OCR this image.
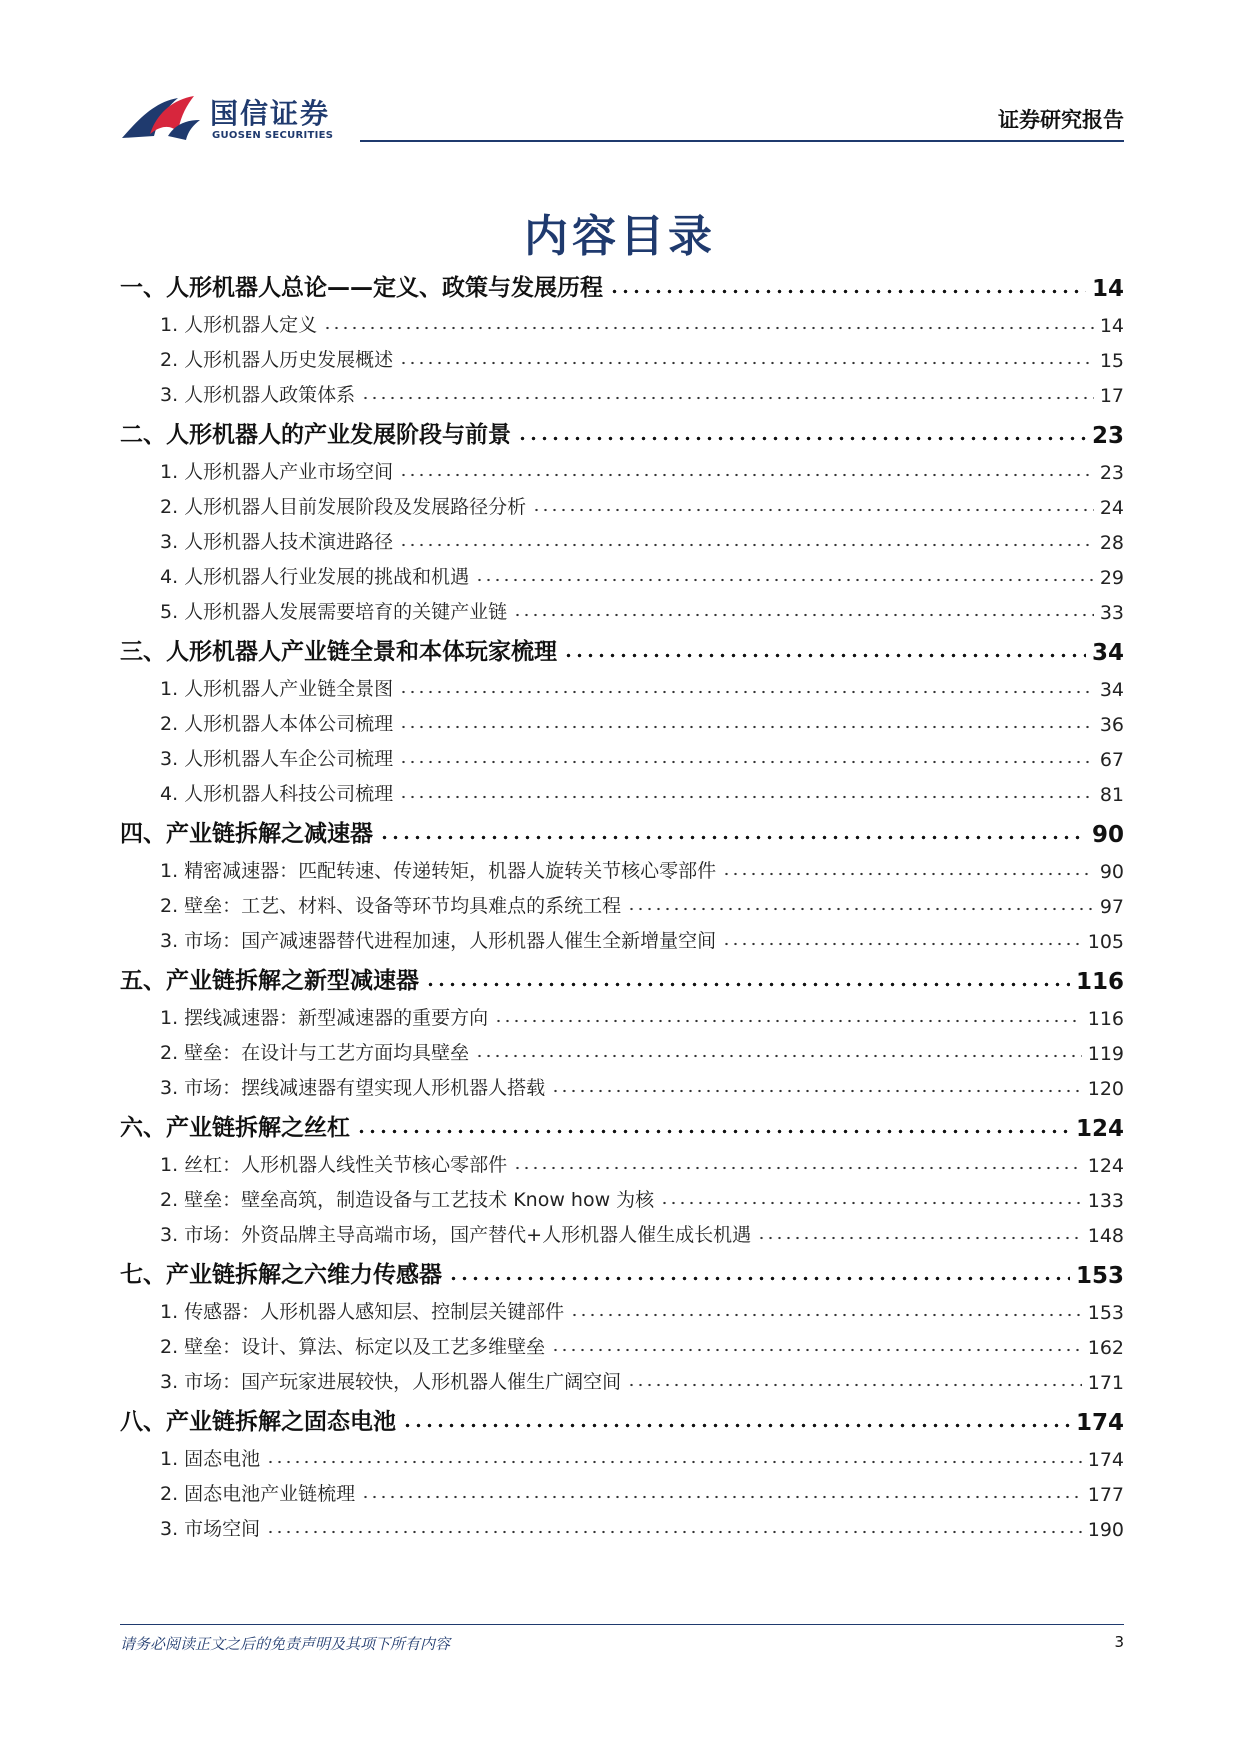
国信证券
GUOSEN SECURITIES
证券研究报告
内容目录
一、人形机器人总论——定义、政策与发展历程	14
1. 人形机器人定义	14
2. 人形机器人历史发展概述	15
3. 人形机器人政策体系	17
二、人形机器人的产业发展阶段与前景	23
1. 人形机器人产业市场空间	23
2. 人形机器人目前发展阶段及发展路径分析	24
3. 人形机器人技术演进路径	28
4. 人形机器人行业发展的挑战和机遇	29
5. 人形机器人发展需要培育的关键产业链	33
三、人形机器人产业链全景和本体玩家梳理	34
1. 人形机器人产业链全景图	34
2. 人形机器人本体公司梳理	36
3. 人形机器人车企公司梳理	67
4. 人形机器人科技公司梳理	81
四、产业链拆解之减速器	90
1. 精密减速器：匹配转速、传递转矩，机器人旋转关节核心零部件	90
2. 壁垒：工艺、材料、设备等环节均具难点的系统工程	97
3. 市场：国产减速器替代进程加速，人形机器人催生全新增量空间	105
五、产业链拆解之新型减速器	116
1. 摆线减速器：新型减速器的重要方向	116
2. 壁垒：在设计与工艺方面均具壁垒	119
3. 市场：摆线减速器有望实现人形机器人搭载	120
六、产业链拆解之丝杠	124
1. 丝杠：人形机器人线性关节核心零部件	124
2. 壁垒：壁垒高筑，制造设备与工艺技术 Know how 为核	133
3. 市场：外资品牌主导高端市场，国产替代+人形机器人催生成长机遇	148
七、产业链拆解之六维力传感器	153
1. 传感器：人形机器人感知层、控制层关键部件	153
2. 壁垒：设计、算法、标定以及工艺多维壁垒	162
3. 市场：国产玩家进展较快，人形机器人催生广阔空间	171
八、产业链拆解之固态电池	174
1. 固态电池	174
2. 固态电池产业链梳理	177
3. 市场空间	190
请务必阅读正文之后的免责声明及其项下所有内容	3
